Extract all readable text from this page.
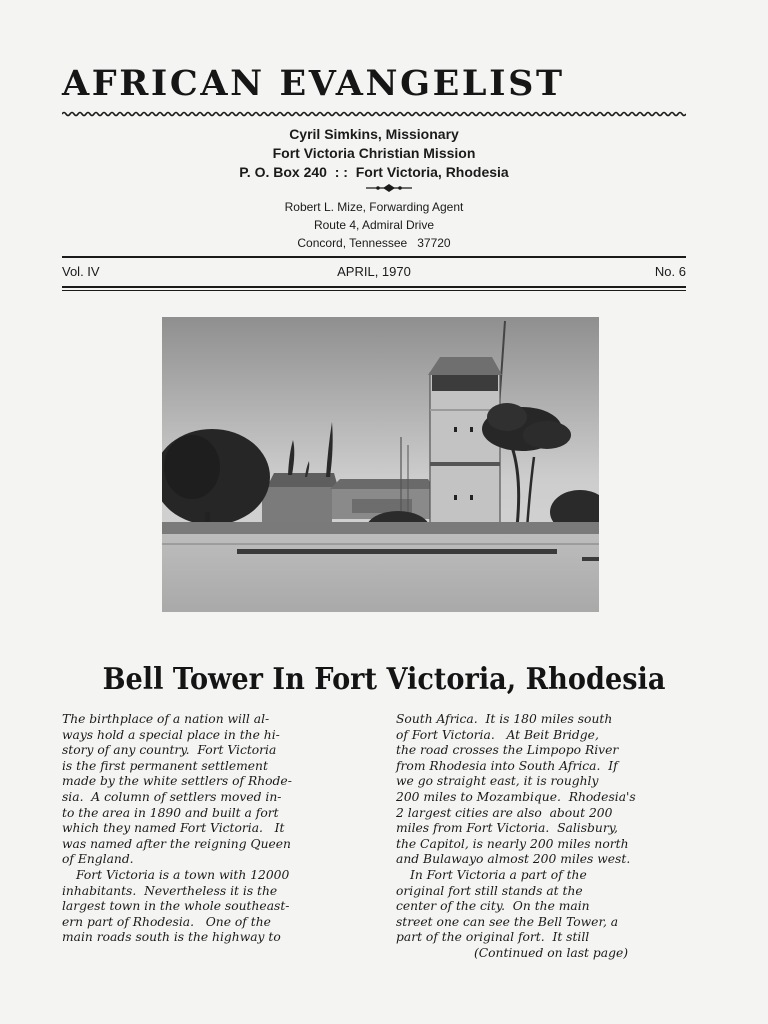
AFRICAN EVANGELIST
Cyril Simkins, Missionary
Fort Victoria Christian Mission
P. O. Box 240  : :  Fort Victoria, Rhodesia
Robert L. Mize, Forwarding Agent
Route 4, Admiral Drive
Concord, Tennessee   37720
Vol. IV	APRIL, 1970	No. 6
Bell Tower In Fort Victoria, Rhodesia
The birthplace of a nation will al-
ways hold a special place in the hi-
story of any country.  Fort Victoria
is the first permanent settlement
made by the white settlers of Rhode-
sia.  A column of settlers moved in-
to the area in 1890 and built a fort
which they named Fort Victoria.   It
was named after the reigning Queen
of England.
Fort Victoria is a town with 12000
inhabitants.  Nevertheless it is the
largest town in the whole southeast-
ern part of Rhodesia.   One of the
main roads south is the highway to
South Africa.  It is 180 miles south
of Fort Victoria.   At Beit Bridge,
the road crosses the Limpopo River
from Rhodesia into South Africa.  If
we go straight east, it is roughly
200 miles to Mozambique.  Rhodesia's
2 largest cities are also  about 200
miles from Fort Victoria.  Salisbury,
the Capitol, is nearly 200 miles north
and Bulawayo almost 200 miles west.
In Fort Victoria a part of the
original fort still stands at the
center of the city.  On the main
street one can see the Bell Tower, a
part of the original fort.  It still
(Continued on last page)
